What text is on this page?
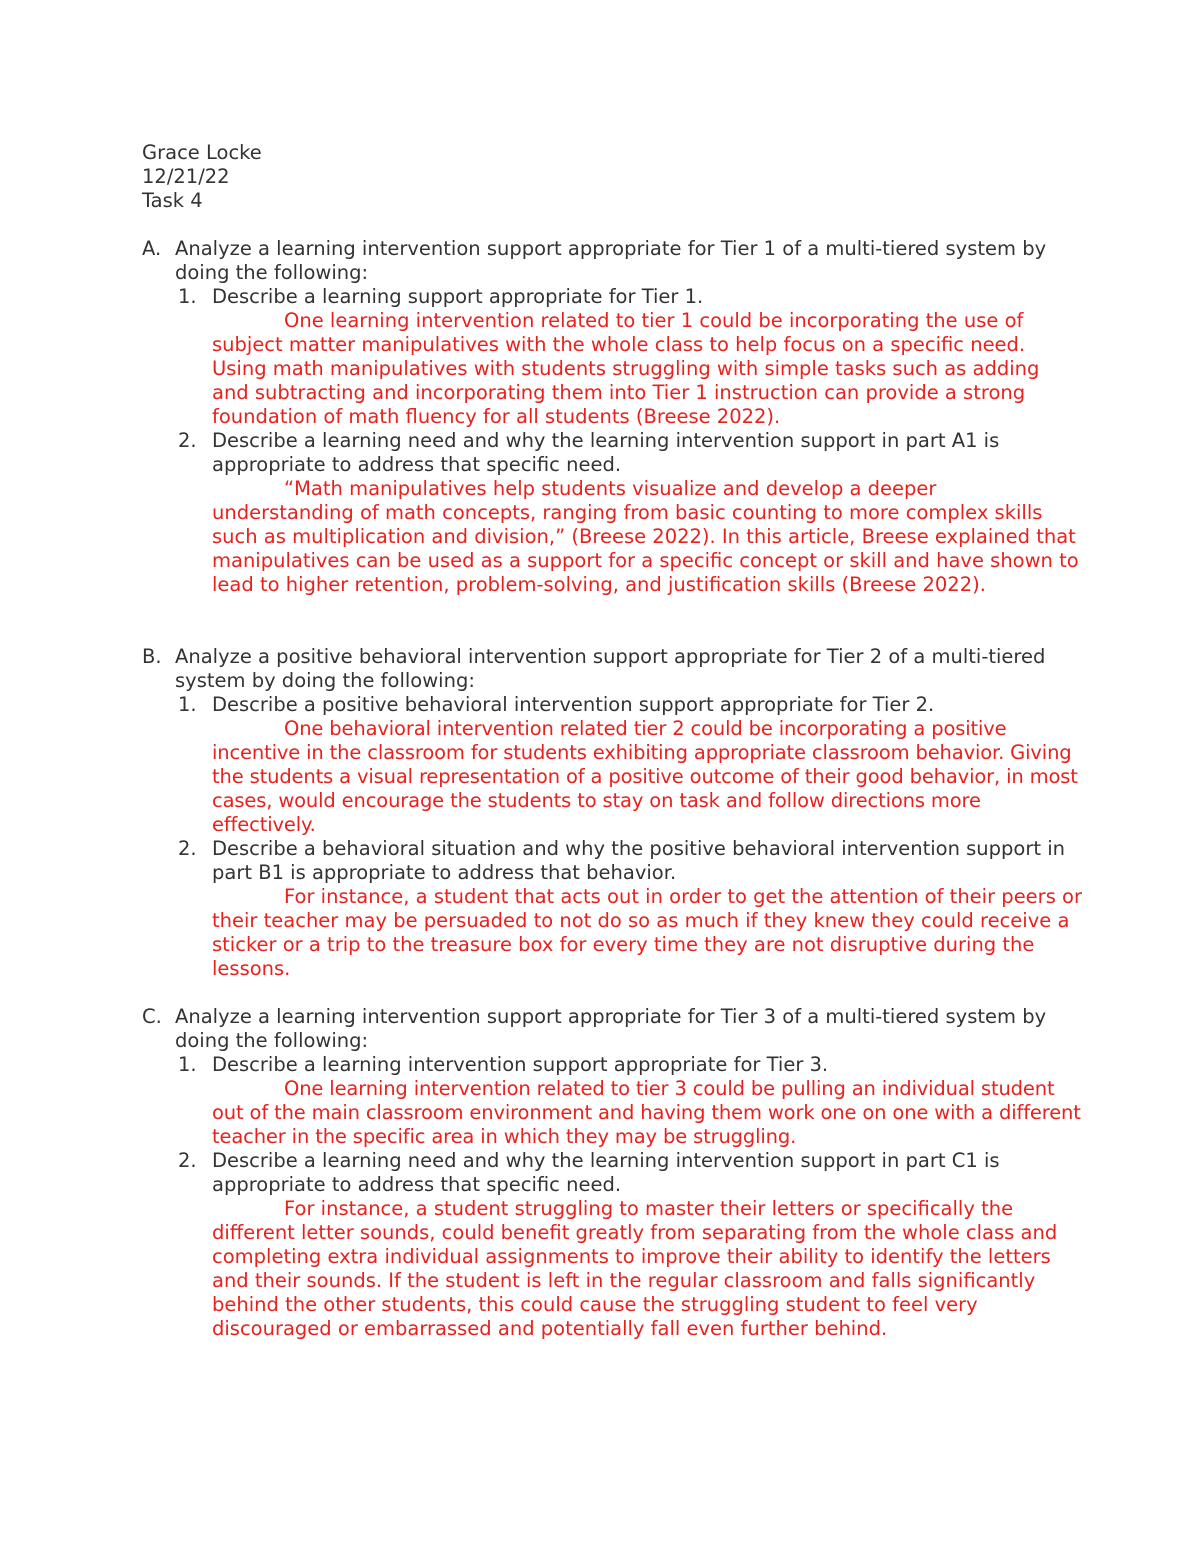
Grace Locke
12/21/22
Task 4
A. Analyze a learning intervention support appropriate for Tier 1 of a multi-tiered system by doing the following:
1. Describe a learning support appropriate for Tier 1.
One learning intervention related to tier 1 could be incorporating the use of subject matter manipulatives with the whole class to help focus on a specific need. Using math manipulatives with students struggling with simple tasks such as adding and subtracting and incorporating them into Tier 1 instruction can provide a strong foundation of math fluency for all students (Breese 2022).
2. Describe a learning need and why the learning intervention support in part A1 is appropriate to address that specific need.
“Math manipulatives help students visualize and develop a deeper understanding of math concepts, ranging from basic counting to more complex skills such as multiplication and division,” (Breese 2022). In this article, Breese explained that manipulatives can be used as a support for a specific concept or skill and have shown to lead to higher retention, problem-solving, and justification skills (Breese 2022).
B. Analyze a positive behavioral intervention support appropriate for Tier 2 of a multi-tiered system by doing the following:
1. Describe a positive behavioral intervention support appropriate for Tier 2.
One behavioral intervention related tier 2 could be incorporating a positive incentive in the classroom for students exhibiting appropriate classroom behavior. Giving the students a visual representation of a positive outcome of their good behavior, in most cases, would encourage the students to stay on task and follow directions more effectively.
2. Describe a behavioral situation and why the positive behavioral intervention support in part B1 is appropriate to address that behavior.
For instance, a student that acts out in order to get the attention of their peers or their teacher may be persuaded to not do so as much if they knew they could receive a sticker or a trip to the treasure box for every time they are not disruptive during the lessons.
C. Analyze a learning intervention support appropriate for Tier 3 of a multi-tiered system by doing the following:
1. Describe a learning intervention support appropriate for Tier 3.
One learning intervention related to tier 3 could be pulling an individual student out of the main classroom environment and having them work one on one with a different teacher in the specific area in which they may be struggling.
2. Describe a learning need and why the learning intervention support in part C1 is appropriate to address that specific need.
For instance, a student struggling to master their letters or specifically the different letter sounds, could benefit greatly from separating from the whole class and completing extra individual assignments to improve their ability to identify the letters and their sounds. If the student is left in the regular classroom and falls significantly behind the other students, this could cause the struggling student to feel very discouraged or embarrassed and potentially fall even further behind.
